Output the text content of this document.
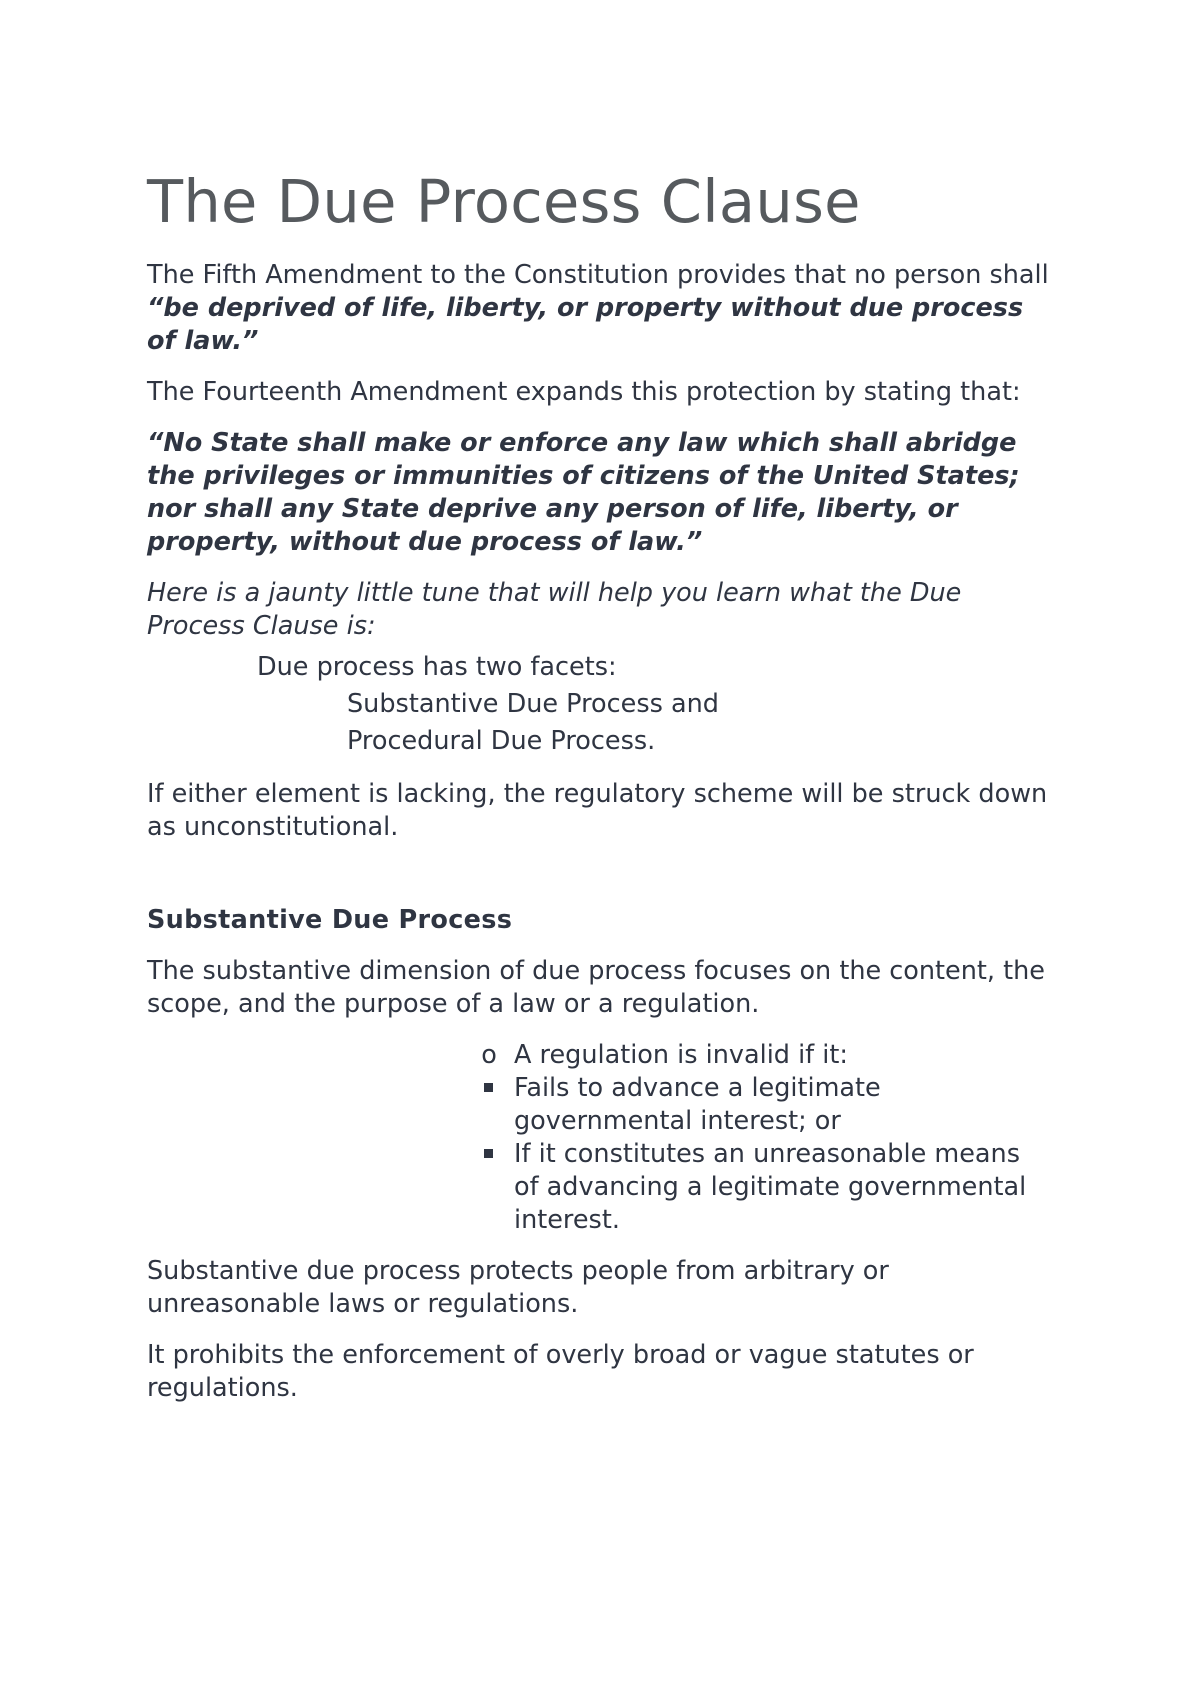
The Due Process Clause

The Fifth Amendment to the Constitution provides that no person shall “be deprived of life, liberty, or property without due process of law.”

The Fourteenth Amendment expands this protection by stating that:

“No State shall make or enforce any law which shall abridge the privileges or immunities of citizens of the United States; nor shall any State deprive any person of life, liberty, or property, without due process of law.”

Here is a jaunty little tune that will help you learn what the Due Process Clause is:

Due process has two facets:
Substantive Due Process and
Procedural Due Process.

If either element is lacking, the regulatory scheme will be struck down as unconstitutional.

Substantive Due Process

The substantive dimension of due process focuses on the content, the scope, and the purpose of a law or a regulation.

o A regulation is invalid if it:
Fails to advance a legitimate governmental interest; or
If it constitutes an unreasonable means of advancing a legitimate governmental interest.

Substantive due process protects people from arbitrary or unreasonable laws or regulations.

It prohibits the enforcement of overly broad or vague statutes or regulations.
